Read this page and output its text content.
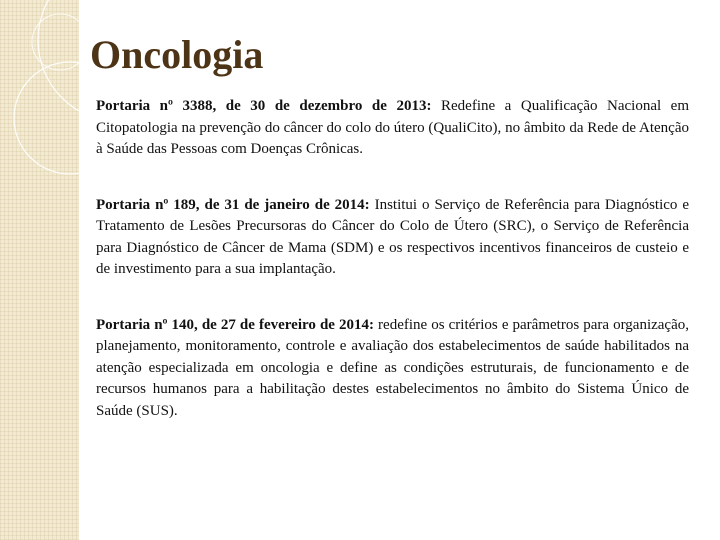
Oncologia

Portaria nº 3388, de 30 de dezembro de 2013: Redefine a Qualificação Nacional em Citopatologia na prevenção do câncer do colo do útero (QualiCito), no âmbito da Rede de Atenção à Saúde das Pessoas com Doenças Crônicas.

Portaria nº 189, de 31 de janeiro de 2014: Institui o Serviço de Referência para Diagnóstico e Tratamento de Lesões Precursoras do Câncer do Colo de Útero (SRC), o Serviço de Referência para Diagnóstico de Câncer de Mama (SDM) e os respectivos incentivos financeiros de custeio e de investimento para a sua implantação.

Portaria nº 140, de 27 de fevereiro de 2014: redefine os critérios e parâmetros para organização, planejamento, monitoramento, controle e avaliação dos estabelecimentos de saúde habilitados na atenção especializada em oncologia e define as condições estruturais, de funcionamento e de recursos humanos para a habilitação destes estabelecimentos no âmbito do Sistema Único de Saúde (SUS).
